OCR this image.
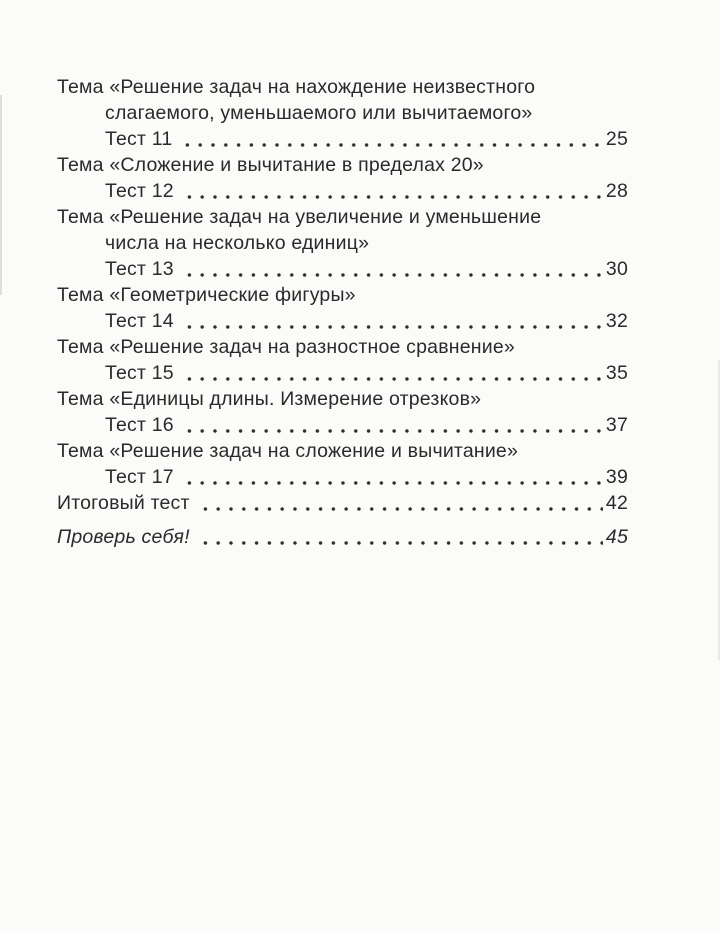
Тема «Решение задач на нахождение неизвестного
слагаемого, уменьшаемого или вычитаемого»
Тест 11	25
Тема «Сложение и вычитание в пределах 20»
Тест 12	28
Тема «Решение задач на увеличение и уменьшение
числа на несколько единиц»
Тест 13	30
Тема «Геометрические фигуры»
Тест 14	32
Тема «Решение задач на разностное сравнение»
Тест 15	35
Тема «Единицы длины. Измерение отрезков»
Тест 16	37
Тема «Решение задач на сложение и вычитание»
Тест 17	39
Итоговый тест	42
Проверь себя!	45
